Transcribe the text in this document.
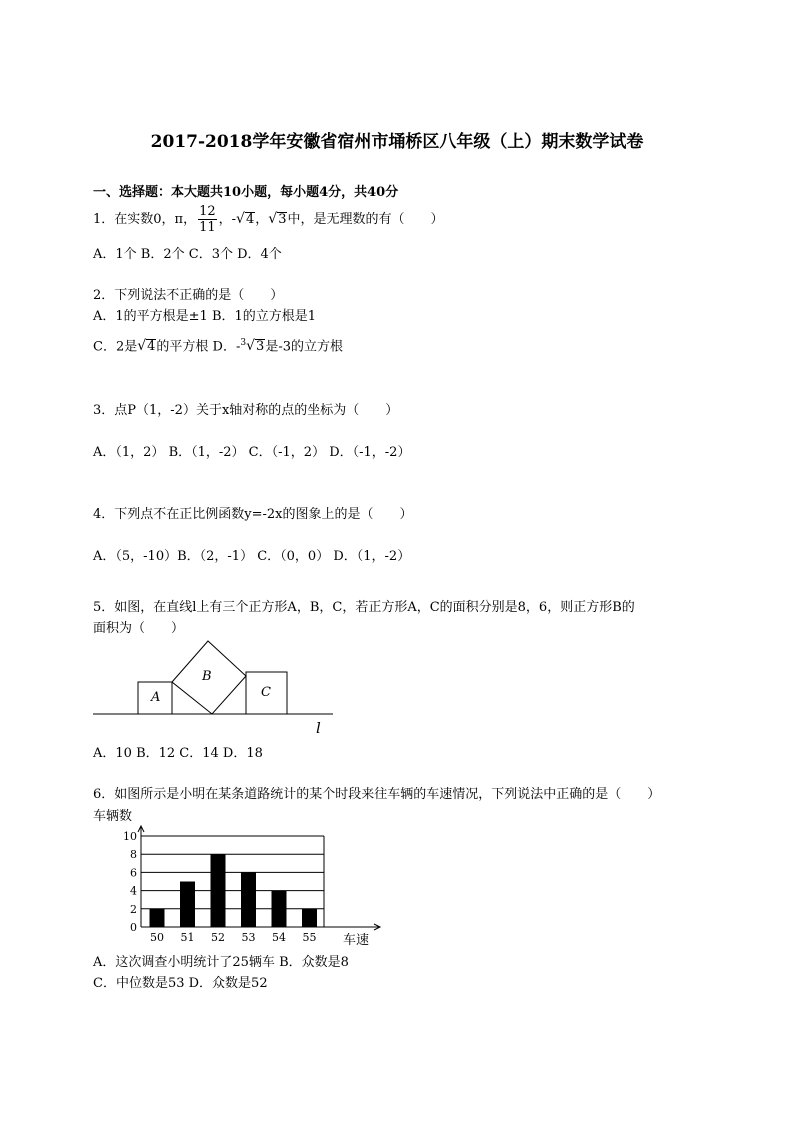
2017-2018学年安徽省宿州市埇桥区八年级（上）期末数学试卷
一、选择题：本大题共10小题，每小题4分，共40分
1．在实数0，π， $\frac{12}{11}$ ，-√4，√3中，是无理数的有（　　）
A．1个 B．2个 C．3个 D．4个
2．下列说法不正确的是（　　）
A．1的平方根是±1 B．1的立方根是1
C．2是√4的平方根 D．-$^3$√3是-3的立方根
3．点P（1，-2）关于x轴对称的点的坐标为（　　）
A．（1，2） B．（1，-2） C．（-1，2） D．（-1，-2）
4．下列点不在正比例函数y=-2x的图象上的是（　　）
A．（5，-10）B．（2，-1） C．（0，0） D．（1，-2）
5．如图，在直线l上有三个正方形A，B，C，若正方形A，C的面积分别是8，6，则正方形B的
面积为（　　）
A
B
C
l
A．10 B．12 C．14 D．18
6．如图所示是小明在某条道路统计的某个时段来往车辆的车速情况，下列说法中正确的是（　　）
0
2
4
6
8
10
50 51 52 53 54 55
车辆数
车速
A．这次调查小明统计了25辆车 B．众数是8
C．中位数是53 D．众数是52
